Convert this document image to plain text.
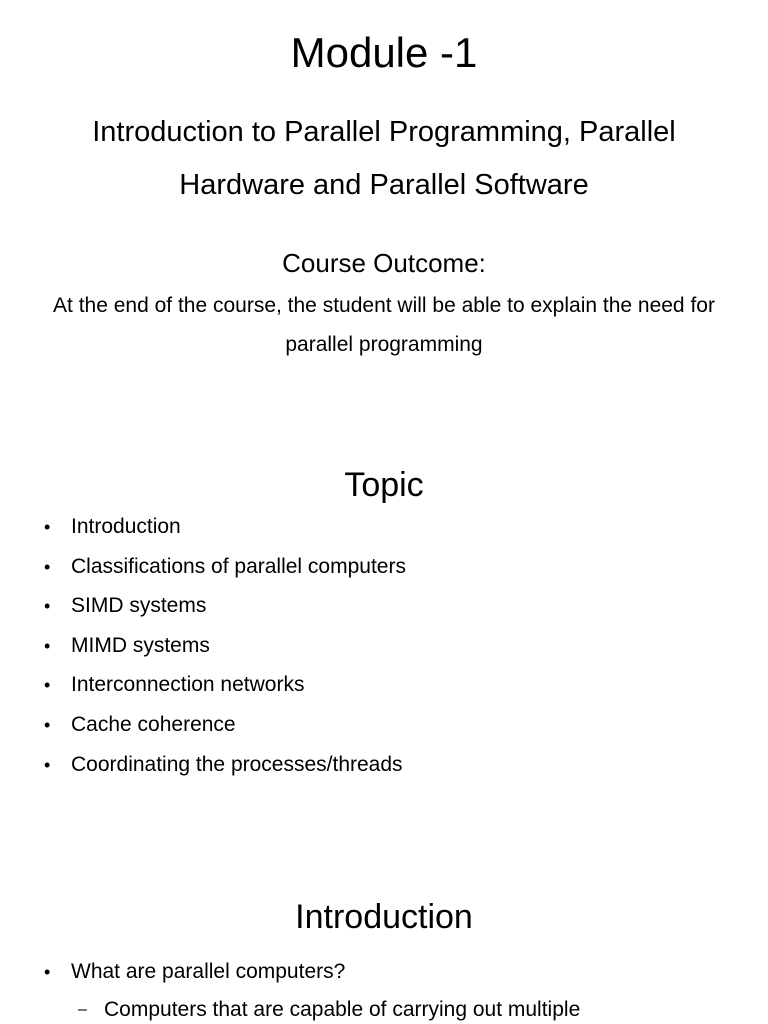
Module -1
Introduction to Parallel Programming, Parallel
Hardware and Parallel Software
Course Outcome:

At the end of the course, the student will be able to explain the need for parallel programming

Topic
• Introduction
• Classifications of parallel computers
• SIMD systems
• MIMD systems
• Interconnection networks
• Cache coherence
• Coordinating the processes/threads
Introduction
• What are parallel computers?
– Computers that are capable of carrying out multiple
